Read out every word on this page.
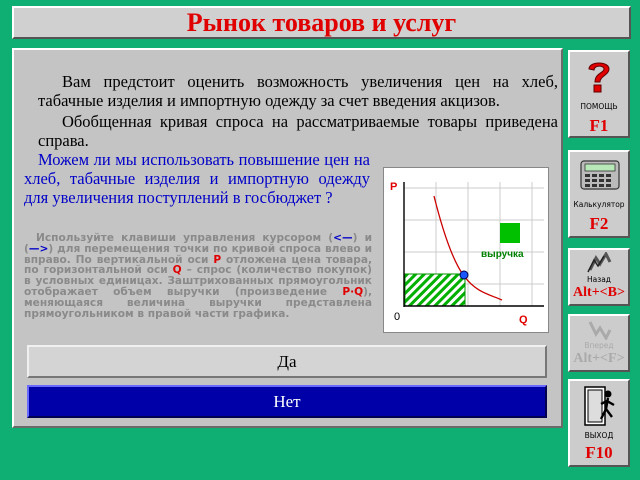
Рынок товаров и услуг
Вам предстоит оценить возможность увеличения цен на хлеб, табачные изделия и импортную одежду за счет введения акцизов.
Обобщенная кривая спроса на рассматриваемые товары приведена справа.
Можем ли мы использовать повышение цен на хлеб, табачные изделия и импортную одежду для увеличения поступлений в госбюджет ?
Используйте клавиши управления курсором (<—) и (—>) для перемещения точки по кривой спроса влево и вправо. По вертикальной оси P отложена цена товара, по горизонтальной оси Q – спрос (количество покупок) в условных единицах. Заштрихованных прямоугольник отображает объем выручки (произведение P·Q), меняющаяся величина выручки представлена прямоугольником в правой части графика.
P
Q
0
выручка
Да
Нет
ПОМОЩЬ
F1
Калькулятор
F2
Назад
Alt+<B>
Вперед
Alt+<F>
ВЫХОД
F10
